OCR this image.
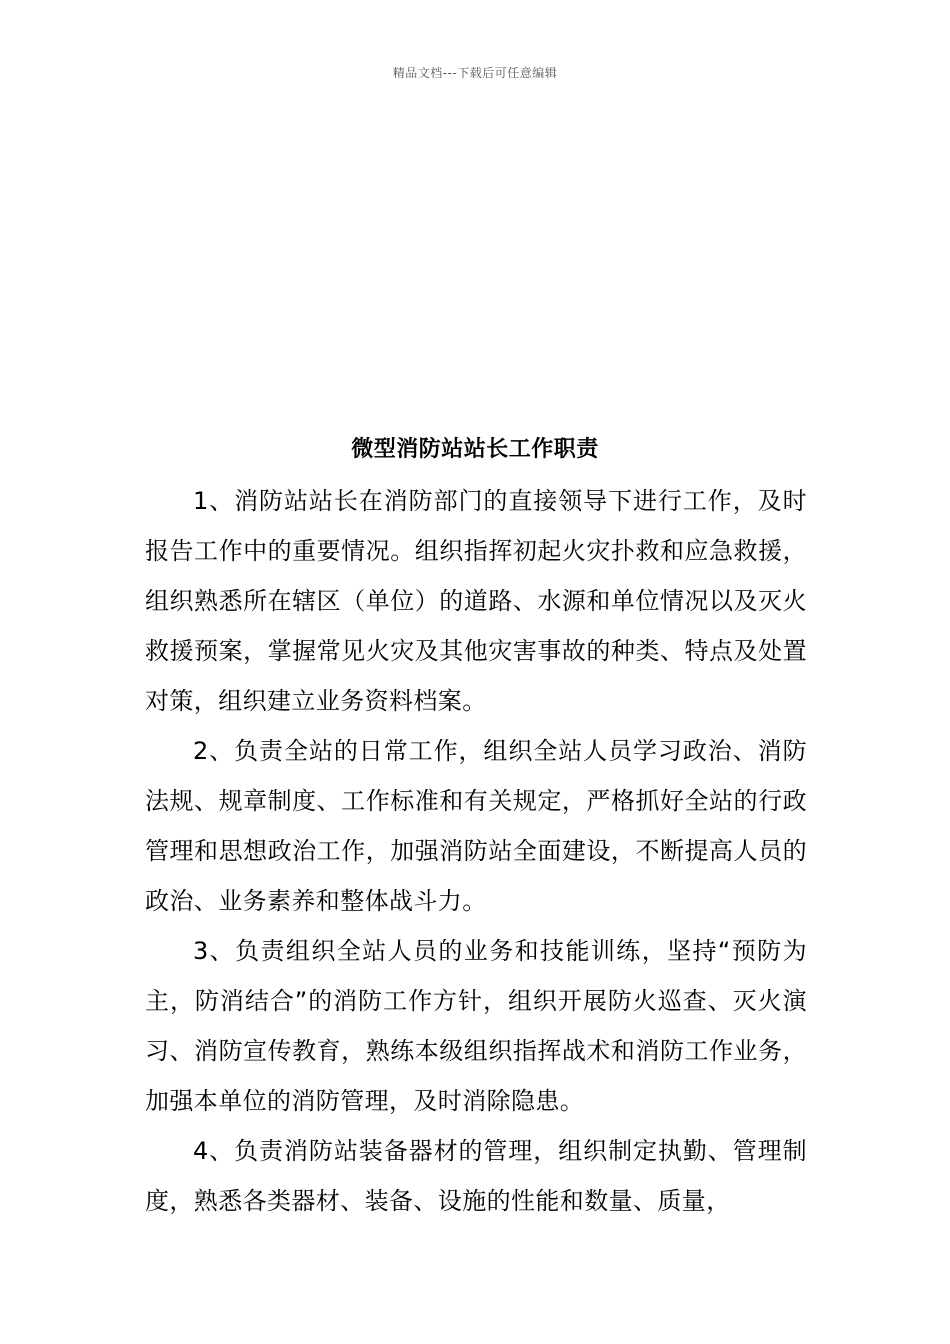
精品文档---下载后可任意编辑
微型消防站站长工作职责

1、消防站站长在消防部门的直接领导下进行工作，及时报告工作中的重要情况。组织指挥初起火灾扑救和应急救援，组织熟悉所在辖区（单位）的道路、水源和单位情况以及灭火救援预案，掌握常见火灾及其他灾害事故的种类、特点及处置对策，组织建立业务资料档案。

2、负责全站的日常工作，组织全站人员学习政治、消防法规、规章制度、工作标准和有关规定，严格抓好全站的行政管理和思想政治工作，加强消防站全面建设，不断提高人员的政治、业务素养和整体战斗力。

3、负责组织全站人员的业务和技能训练，坚持“预防为主，防消结合”的消防工作方针，组织开展防火巡查、灭火演习、消防宣传教育，熟练本级组织指挥战术和消防工作业务，加强本单位的消防管理，及时消除隐患。

4、负责消防站装备器材的管理，组织制定执勤、管理制度，熟悉各类器材、装备、设施的性能和数量、质量，
